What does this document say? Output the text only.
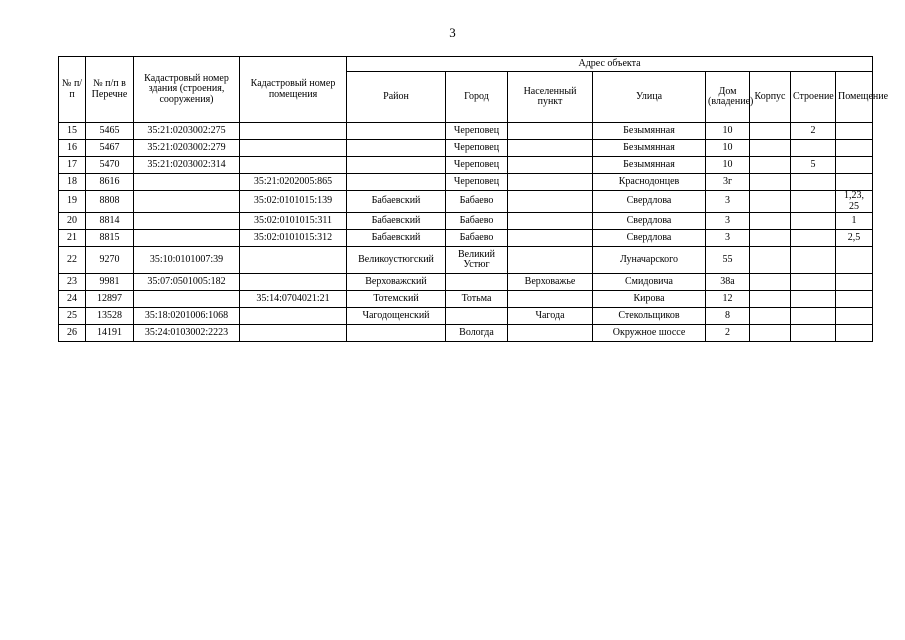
3
№ п/п	№ п/п в Перечне	Кадастровый номер здания (строения, сооружения)	Кадастровый номер помещения	Адрес объекта							
				Район	Город	Населенный пункт	Улица	Дом (владение)	Корпус	Строение	Помещение
15	5465	35:21:0203002:275			Череповец		Безымянная	10		2	
16	5467	35:21:0203002:279			Череповец		Безымянная	10			
17	5470	35:21:0203002:314			Череповец		Безымянная	10		5	
18	8616		35:21:0202005:865		Череповец		Краснодонцев	3г			
19	8808		35:02:0101015:139	Бабаевский	Бабаево		Свердлова	3			1,23, 25
20	8814		35:02:0101015:311	Бабаевский	Бабаево		Свердлова	3			1
21	8815		35:02:0101015:312	Бабаевский	Бабаево		Свердлова	3			2,5
22	9270	35:10:0101007:39		Великоустюгский	Великий Устюг		Луначарского	55			
23	9981	35:07:0501005:182		Верховажский		Верховажье	Смидовича	38а			
24	12897		35:14:0704021:21	Тотемский	Тотьма		Кирова	12			
25	13528	35:18:0201006:1068		Чагодощенский		Чагода	Стекольщиков	8			
26	14191	35:24:0103002:2223			Вологда		Окружное шоссе	2			
